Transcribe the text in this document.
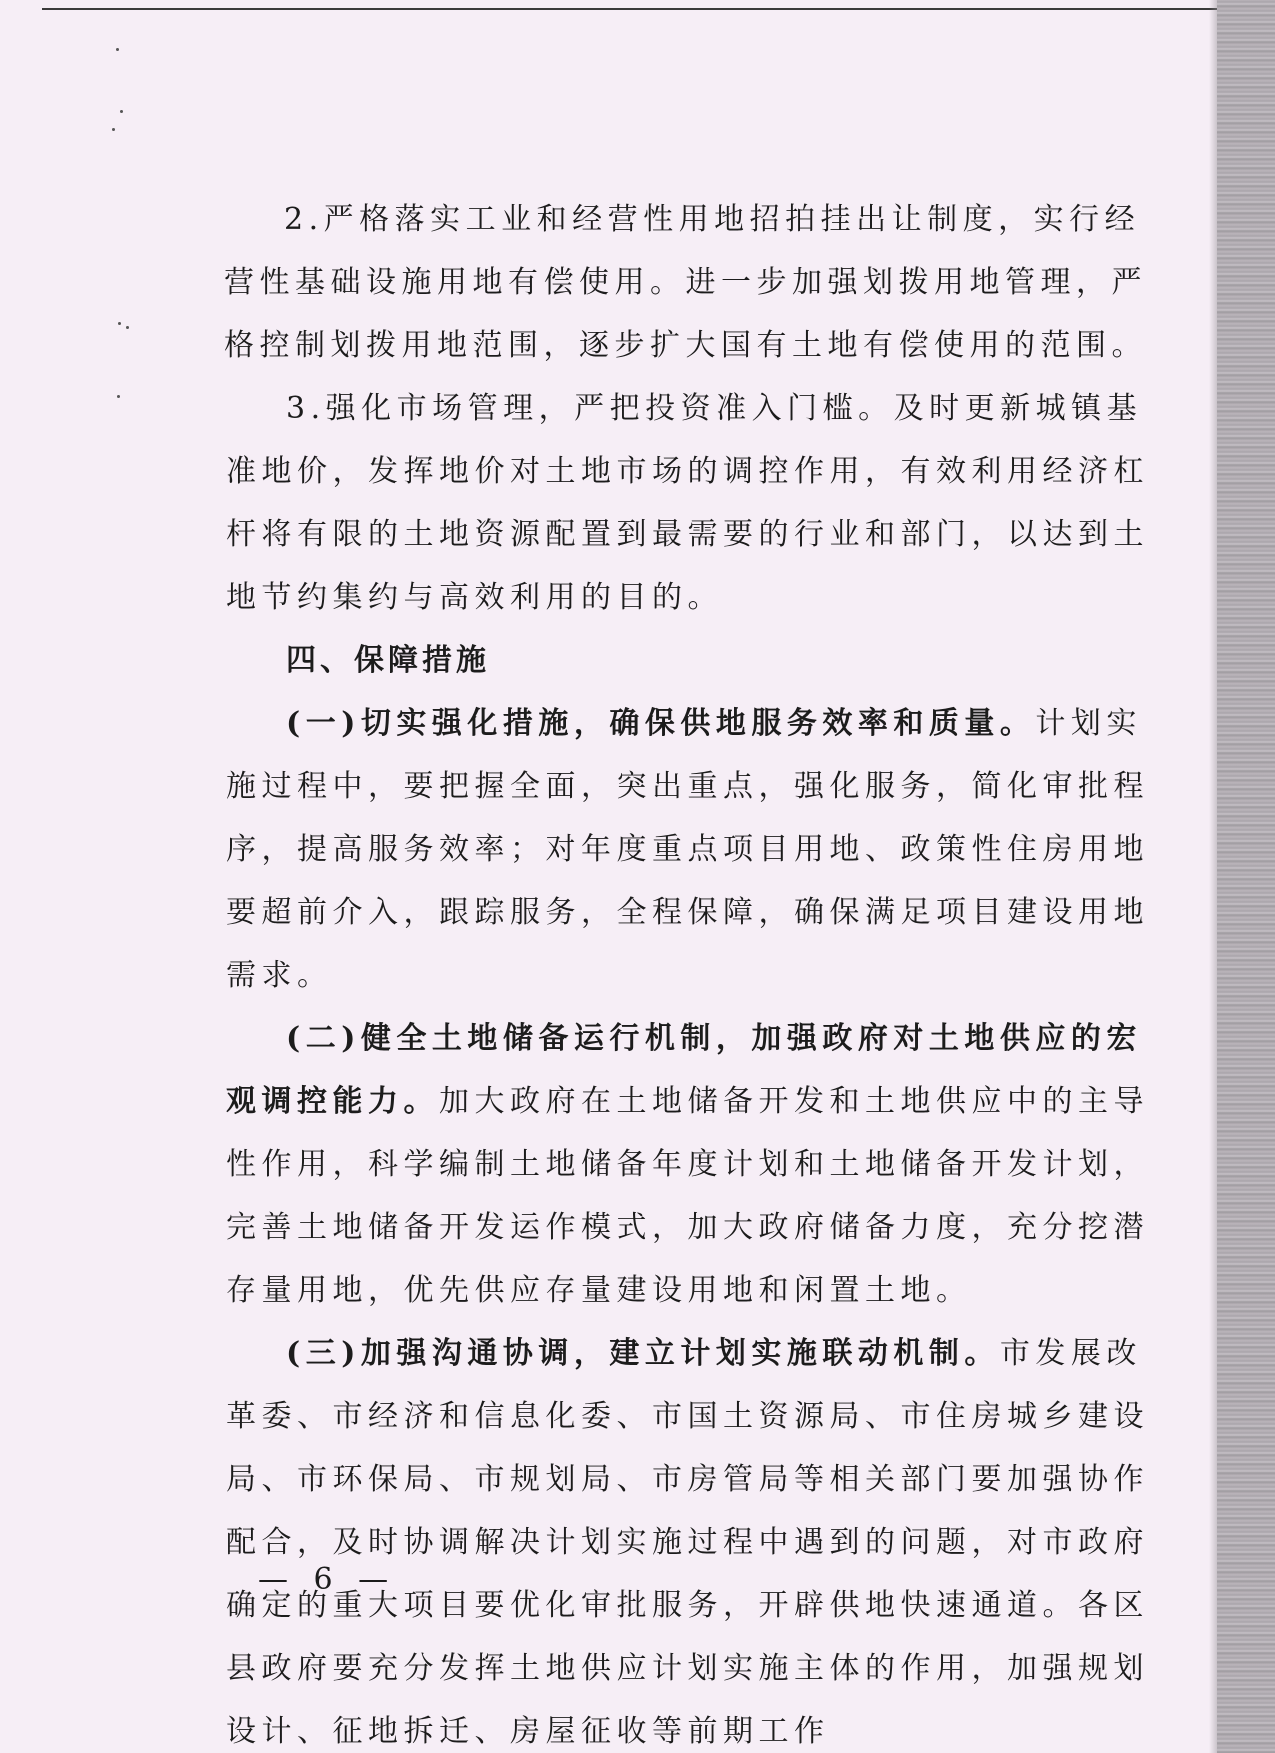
2.严格落实工业和经营性用地招拍挂出让制度，实行经营性基础设施用地有偿使用。进一步加强划拨用地管理，严格控制划拨用地范围，逐步扩大国有土地有偿使用的范围。

3.强化市场管理，严把投资准入门槛。及时更新城镇基准地价，发挥地价对土地市场的调控作用，有效利用经济杠杆将有限的土地资源配置到最需要的行业和部门，以达到土地节约集约与高效利用的目的。

四、保障措施

(一)切实强化措施，确保供地服务效率和质量。计划实施过程中，要把握全面，突出重点，强化服务，简化审批程序，提高服务效率；对年度重点项目用地、政策性住房用地要超前介入，跟踪服务，全程保障，确保满足项目建设用地需求。

(二)健全土地储备运行机制，加强政府对土地供应的宏观调控能力。加大政府在土地储备开发和土地供应中的主导性作用，科学编制土地储备年度计划和土地储备开发计划，完善土地储备开发运作模式，加大政府储备力度，充分挖潜存量用地，优先供应存量建设用地和闲置土地。

(三)加强沟通协调，建立计划实施联动机制。市发展改革委、市经济和信息化委、市国土资源局、市住房城乡建设局、市环保局、市规划局、市房管局等相关部门要加强协作配合，及时协调解决计划实施过程中遇到的问题，对市政府确定的重大项目要优化审批服务，开辟供地快速通道。各区县政府要充分发挥土地供应计划实施主体的作用，加强规划设计、征地拆迁、房屋征收等前期工作

— 6 —
